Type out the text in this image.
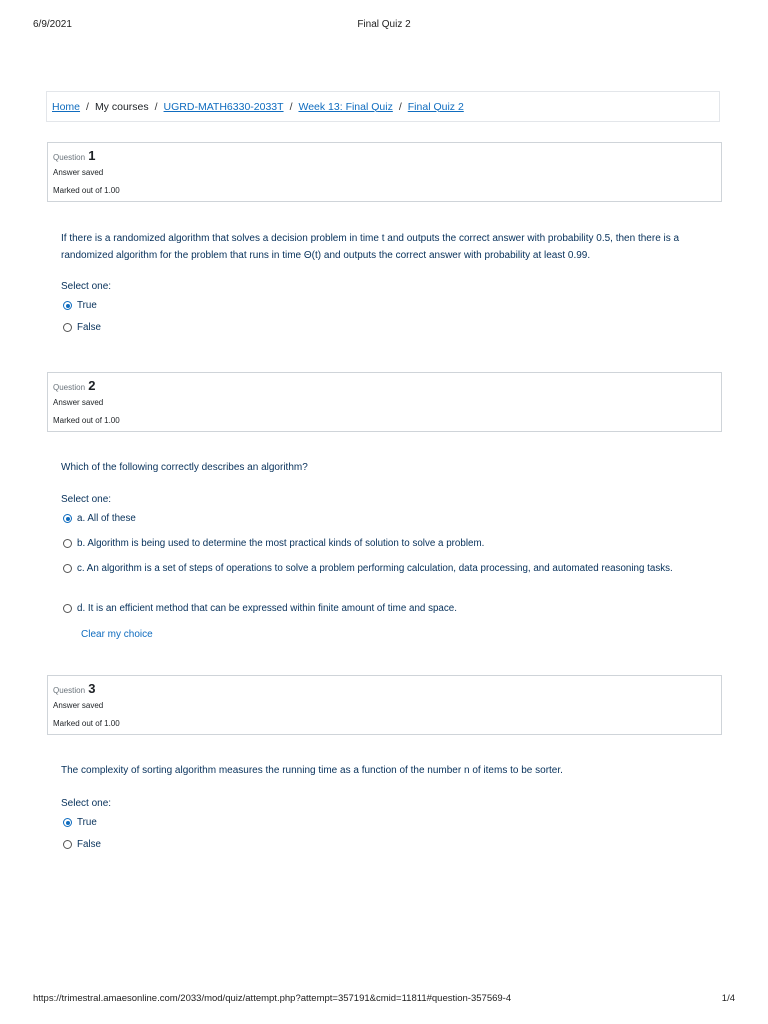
6/9/2021	Final Quiz 2
Home / My courses / UGRD-MATH6330-2033T / Week 13: Final Quiz / Final Quiz 2
Question 1
Answer saved
Marked out of 1.00
If there is a randomized algorithm that solves a decision problem in time t and outputs the correct answer with probability 0.5, then there is a randomized algorithm for the problem that runs in time Θ(t) and outputs the correct answer with probability at least 0.99.
Select one:
True
False
Question 2
Answer saved
Marked out of 1.00
Which of the following correctly describes an algorithm?
Select one:
a. All of these
b. Algorithm is being used to determine the most practical kinds of solution to solve a problem.
c. An algorithm is a set of steps of operations to solve a problem performing calculation, data processing, and automated reasoning tasks.
d. It is an efficient method that can be expressed within finite amount of time and space.
Clear my choice
Question 3
Answer saved
Marked out of 1.00
The complexity of sorting algorithm measures the running time as a function of the number n of items to be sorter.
Select one:
True
False
https://trimestral.amaesonline.com/2033/mod/quiz/attempt.php?attempt=357191&cmid=11811#question-357569-4	1/4
